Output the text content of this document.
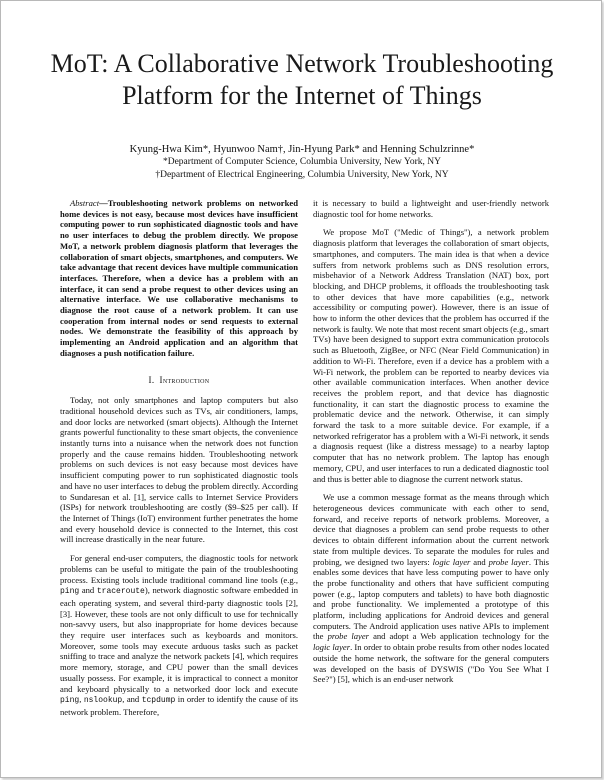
MoT: A Collaborative Network Troubleshooting
Platform for the Internet of Things
Kyung-Hwa Kim*, Hyunwoo Nam†, Jin-Hyung Park* and Henning Schulzrinne*
*Department of Computer Science, Columbia University, New York, NY
†Department of Electrical Engineering, Columbia University, New York, NY

Abstract—Troubleshooting network problems on networked home devices is not easy, because most devices have insufficient computing power to run sophisticated diagnostic tools and have no user interfaces to debug the problem directly. We propose MoT, a network problem diagnosis platform that leverages the collaboration of smart objects, smartphones, and computers. We take advantage that recent devices have multiple communication interfaces. Therefore, when a device has a problem with an interface, it can send a probe request to other devices using an alternative interface. We use collaborative mechanisms to diagnose the root cause of a network problem. It can use cooperation from internal nodes or send requests to external nodes. We demonstrate the feasibility of this approach by implementing an Android application and an algorithm that diagnoses a push notification failure.

I. Introduction

Today, not only smartphones and laptop computers but also traditional household devices such as TVs, air conditioners, lamps, and door locks are networked (smart objects). Although the Internet grants powerful functionality to these smart objects, the convenience instantly turns into a nuisance when the network does not function properly and the cause remains hidden. Troubleshooting network problems on such devices is not easy because most devices have insufficient computing power to run sophisticated diagnostic tools and have no user interfaces to debug the problem directly. According to Sundaresan et al. [1], service calls to Internet Service Providers (ISPs) for network troubleshooting are costly ($9–$25 per call). If the Internet of Things (IoT) environment further penetrates the home and every household device is connected to the Internet, this cost will increase drastically in the near future.

For general end-user computers, the diagnostic tools for network problems can be useful to mitigate the pain of the troubleshooting process. Existing tools include traditional command line tools (e.g., ping and traceroute), network diagnostic software embedded in each operating system, and several third-party diagnostic tools [2], [3]. However, these tools are not only difficult to use for technically non-savvy users, but also inappropriate for home devices because they require user interfaces such as keyboards and monitors. Moreover, some tools may execute arduous tasks such as packet sniffing to trace and analyze the network packets [4], which requires more memory, storage, and CPU power than the small devices usually possess. For example, it is impractical to connect a monitor and keyboard physically to a networked door lock and execute ping, nslookup, and tcpdump in order to identify the cause of its network problem. Therefore,

it is necessary to build a lightweight and user-friendly network diagnostic tool for home networks.

We propose MoT ("Medic of Things"), a network problem diagnosis platform that leverages the collaboration of smart objects, smartphones, and computers. The main idea is that when a device suffers from network problems such as DNS resolution errors, misbehavior of a Network Address Translation (NAT) box, port blocking, and DHCP problems, it offloads the troubleshooting task to other devices that have more capabilities (e.g., network accessibility or computing power). However, there is an issue of how to inform the other devices that the problem has occurred if the network is faulty. We note that most recent smart objects (e.g., smart TVs) have been designed to support extra communication protocols such as Bluetooth, ZigBee, or NFC (Near Field Communication) in addition to Wi-Fi. Therefore, even if a device has a problem with a Wi-Fi network, the problem can be reported to nearby devices via other available communication interfaces. When another device receives the problem report, and that device has diagnostic functionality, it can start the diagnostic process to examine the problematic device and the network. Otherwise, it can simply forward the task to a more suitable device. For example, if a networked refrigerator has a problem with a Wi-Fi network, it sends a diagnosis request (like a distress message) to a nearby laptop computer that has no network problem. The laptop has enough memory, CPU, and user interfaces to run a dedicated diagnostic tool and thus is better able to diagnose the current network status.

We use a common message format as the means through which heterogeneous devices communicate with each other to send, forward, and receive reports of network problems. Moreover, a device that diagnoses a problem can send probe requests to other devices to obtain different information about the current network state from multiple devices. To separate the modules for rules and probing, we designed two layers: logic layer and probe layer. This enables some devices that have less computing power to have only the probe functionality and others that have sufficient computing power (e.g., laptop computers and tablets) to have both diagnostic and probe functionality. We implemented a prototype of this platform, including applications for Android devices and general computers. The Android application uses native APIs to implement the probe layer and adopt a Web application technology for the logic layer. In order to obtain probe results from other nodes located outside the home network, the software for the general computers was developed on the basis of DYSWIS ("Do You See What I See?") [5], which is an end-user network
